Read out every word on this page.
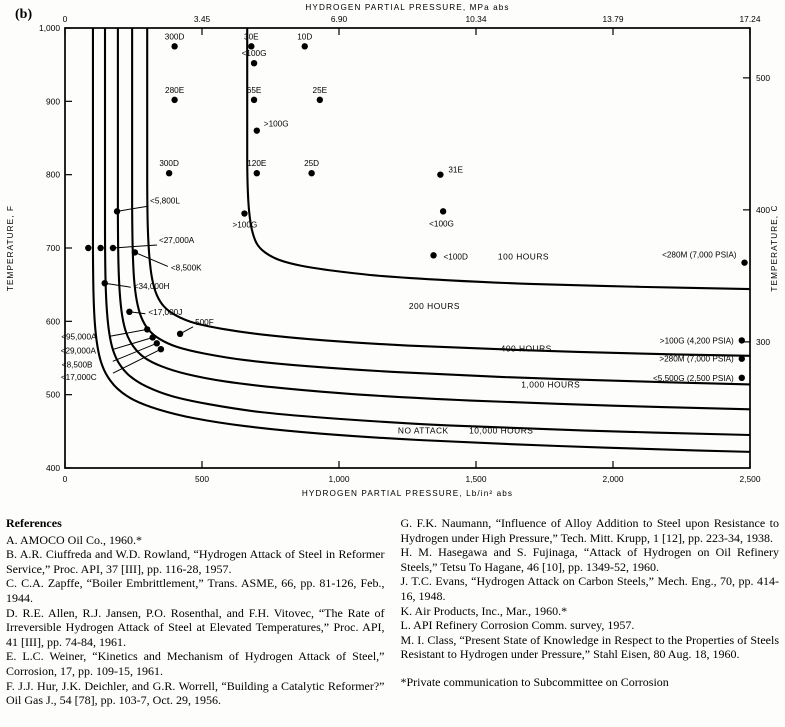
(b)
0	500	1,000	1,500	2,000	2,500
HYDROGEN PARTIAL PRESSURE, Lb/in² abs
0	3.45	6.90	10.34	13.79	17.24
HYDROGEN PARTIAL PRESSURE, MPa abs
400
500
600
700
800
900
1,000
TEMPERATURE, F
500
400
300
TEMPERATURE, C
100 HOURS
200 HOURS
400 HOURS
1,000 HOURS
NO ATTACK 10,000 HOURS
300D	30E	10D
<100G
280E	65E	25E
>100G
300D	120E	25D
31E
<5,800L
>100G	<100G
<27,000A
<8,500K
<100D
<34,000H
<17,000J
500F
<95,000A
<29,000A
<8,500B
<17,000C
<280M (7,000 PSIA)
>100G (4,200 PSIA)
>280M (7,000 PSIA)
<5,500G (2,500 PSIA)

References

A. AMOCO Oil Co., 1960.*

B. A.R. Ciuffreda and W.D. Rowland, “Hydrogen Attack of Steel in Reformer Service,” Proc. API, 37 [III], pp. 116-28, 1957.

C. C.A. Zapffe, “Boiler Embrittlement,” Trans. ASME, 66, pp. 81-126, Feb., 1944.

D. R.E. Allen, R.J. Jansen, P.O. Rosenthal, and F.H. Vitovec, “The Rate of Irreversible Hydrogen Attack of Steel at Elevated Temperatures,” Proc. API, 41 [III], pp. 74-84, 1961.

E. L.C. Weiner, “Kinetics and Mechanism of Hydrogen Attack of Steel,” Corrosion, 17, pp. 109-15, 1961.

F. J.J. Hur, J.K. Deichler, and G.R. Worrell, “Building a Catalytic Reformer?” Oil Gas J., 54 [78], pp. 103-7, Oct. 29, 1956.

G. F.K. Naumann, “Influence of Alloy Addition to Steel upon Resistance to Hydrogen under High Pressure,” Tech. Mitt. Krupp, 1 [12], pp. 223-34, 1938.

H. M. Hasegawa and S. Fujinaga, “Attack of Hydrogen on Oil Refinery Steels,” Tetsu To Hagane, 46 [10], pp. 1349-52, 1960.

J. T.C. Evans, “Hydrogen Attack on Carbon Steels,” Mech. Eng., 70, pp. 414-16, 1948.

K. Air Products, Inc., Mar., 1960.*

L. API Refinery Corrosion Comm. survey, 1957.

M. I. Class, “Present State of Knowledge in Respect to the Properties of Steels Resistant to Hydrogen under Pressure,” Stahl Eisen, 80 Aug. 18, 1960.

*Private communication to Subcommittee on Corrosion
